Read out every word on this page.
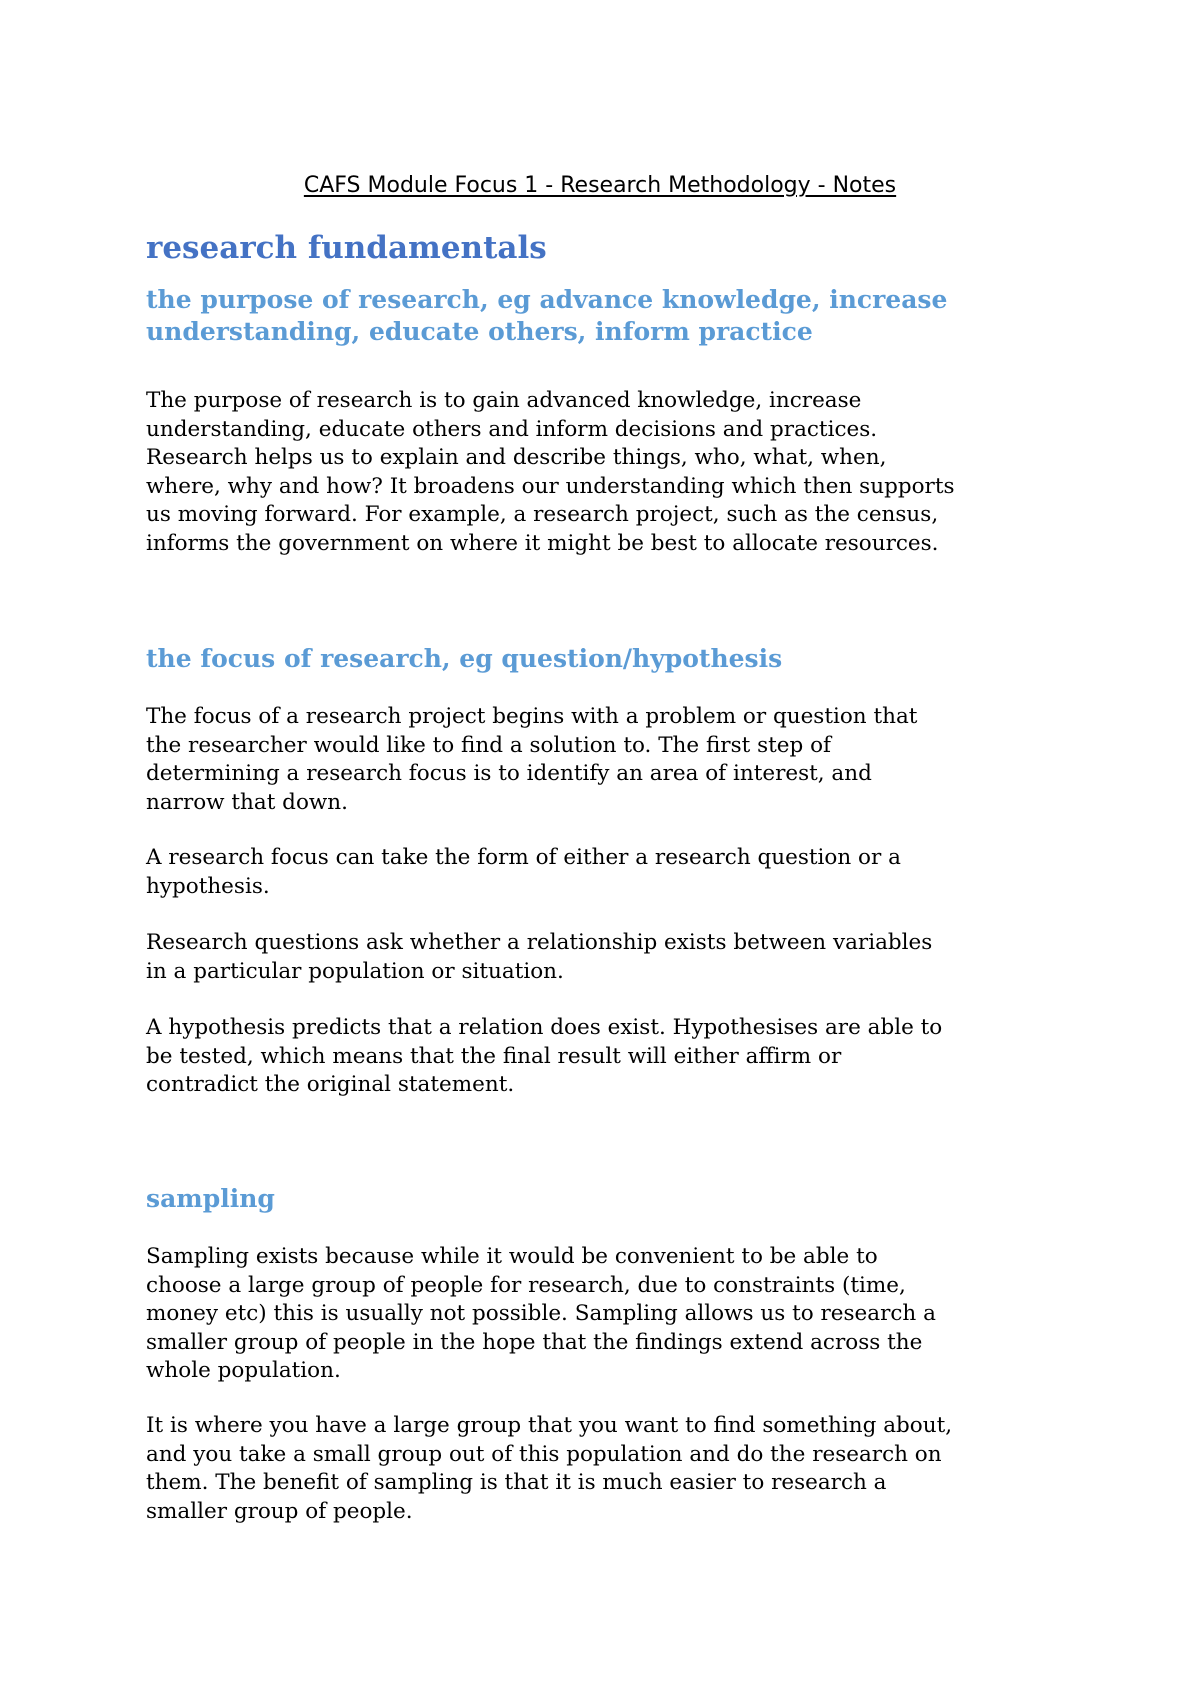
CAFS Module Focus 1 - Research Methodology - Notes
research fundamentals
the purpose of research, eg advance knowledge, increase
understanding, educate others, inform practice

The purpose of research is to gain advanced knowledge, increase
understanding, educate others and inform decisions and practices.
Research helps us to explain and describe things, who, what, when,
where, why and how? It broadens our understanding which then supports
us moving forward. For example, a research project, such as the census,
informs the government on where it might be best to allocate resources.

the focus of research, eg question/hypothesis

The focus of a research project begins with a problem or question that
the researcher would like to find a solution to. The first step of
determining a research focus is to identify an area of interest, and
narrow that down.

A research focus can take the form of either a research question or a
hypothesis.

Research questions ask whether a relationship exists between variables
in a particular population or situation.

A hypothesis predicts that a relation does exist. Hypothesises are able to
be tested, which means that the final result will either affirm or
contradict the original statement.

sampling

Sampling exists because while it would be convenient to be able to
choose a large group of people for research, due to constraints (time,
money etc) this is usually not possible. Sampling allows us to research a
smaller group of people in the hope that the findings extend across the
whole population.

It is where you have a large group that you want to find something about,
and you take a small group out of this population and do the research on
them. The benefit of sampling is that it is much easier to research a
smaller group of people.
